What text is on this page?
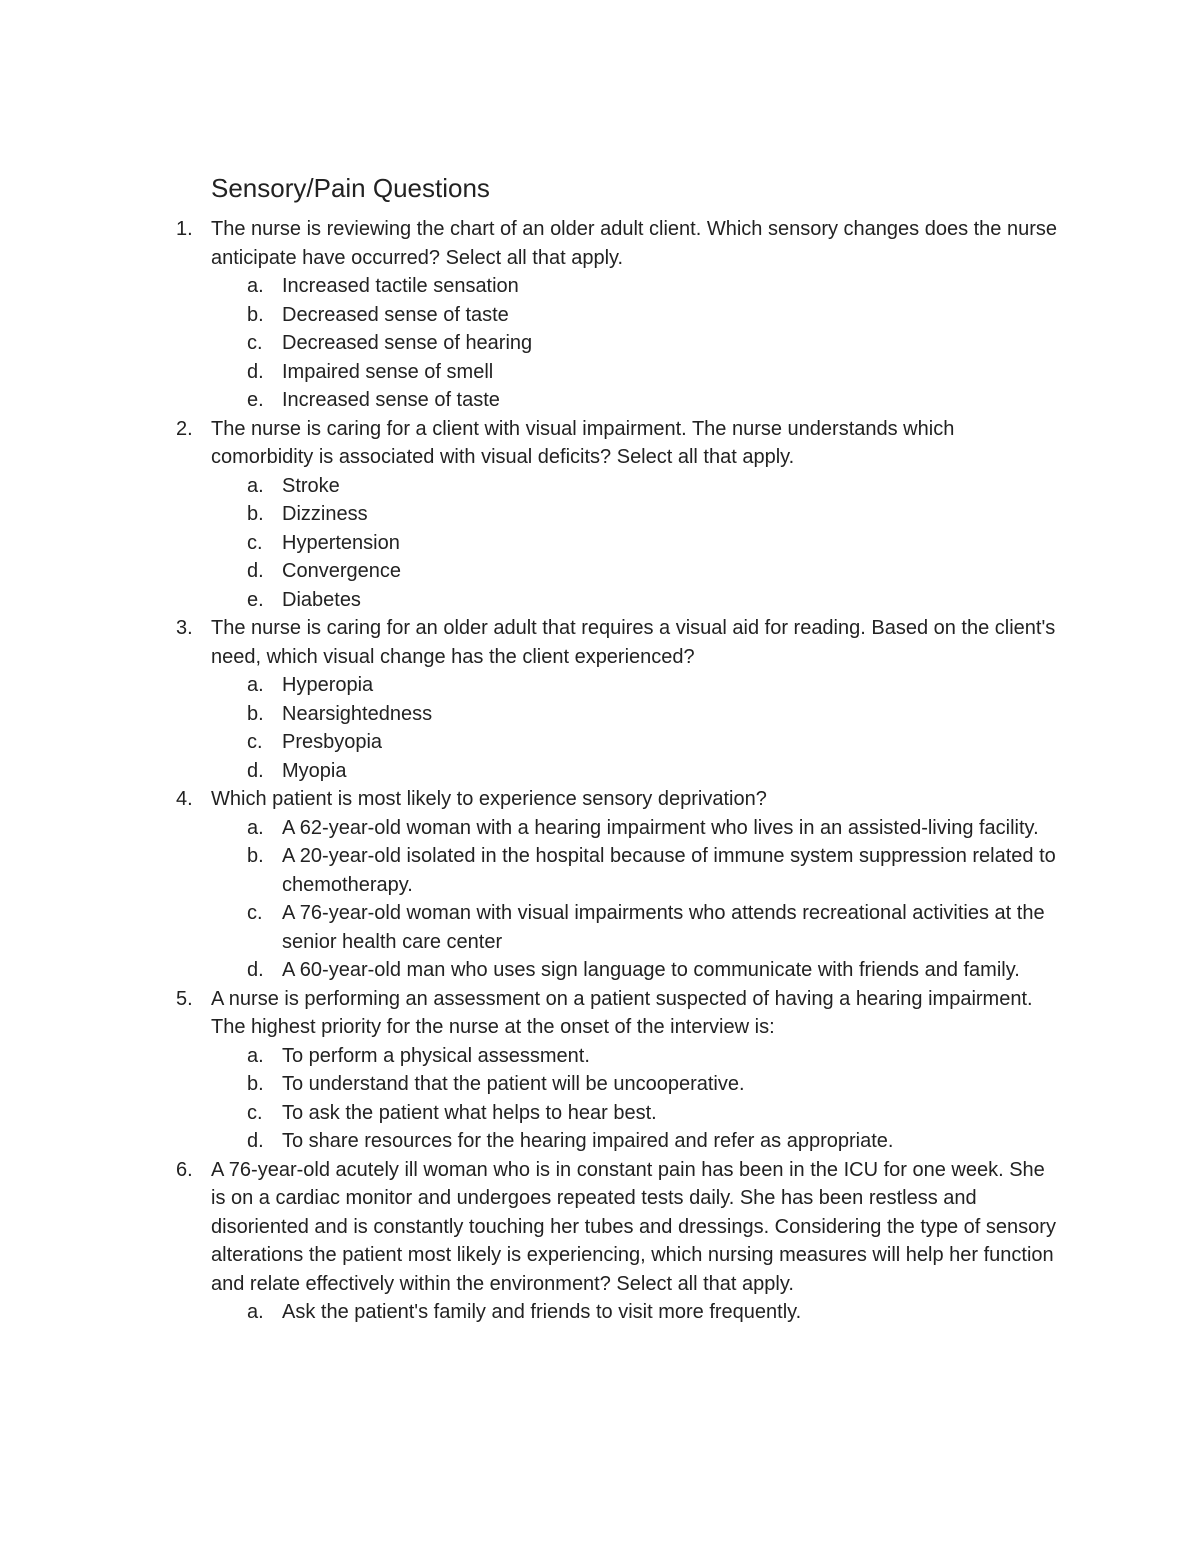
Sensory/Pain Questions
1. The nurse is reviewing the chart of an older adult client. Which sensory changes does the nurse anticipate have occurred? Select all that apply.
a. Increased tactile sensation
b. Decreased sense of taste
c. Decreased sense of hearing
d. Impaired sense of smell
e. Increased sense of taste
2. The nurse is caring for a client with visual impairment. The nurse understands which comorbidity is associated with visual deficits? Select all that apply.
a. Stroke
b. Dizziness
c. Hypertension
d. Convergence
e. Diabetes
3. The nurse is caring for an older adult that requires a visual aid for reading. Based on the client's need, which visual change has the client experienced?
a. Hyperopia
b. Nearsightedness
c. Presbyopia
d. Myopia
4. Which patient is most likely to experience sensory deprivation?
a. A 62-year-old woman with a hearing impairment who lives in an assisted-living facility.
b. A 20-year-old isolated in the hospital because of immune system suppression related to chemotherapy.
c. A 76-year-old woman with visual impairments who attends recreational activities at the senior health care center
d. A 60-year-old man who uses sign language to communicate with friends and family.
5. A nurse is performing an assessment on a patient suspected of having a hearing impairment. The highest priority for the nurse at the onset of the interview is:
a. To perform a physical assessment.
b. To understand that the patient will be uncooperative.
c. To ask the patient what helps to hear best.
d. To share resources for the hearing impaired and refer as appropriate.
6. A 76-year-old acutely ill woman who is in constant pain has been in the ICU for one week. She is on a cardiac monitor and undergoes repeated tests daily. She has been restless and disoriented and is constantly touching her tubes and dressings. Considering the type of sensory alterations the patient most likely is experiencing, which nursing measures will help her function and relate effectively within the environment? Select all that apply.
a. Ask the patient's family and friends to visit more frequently.
